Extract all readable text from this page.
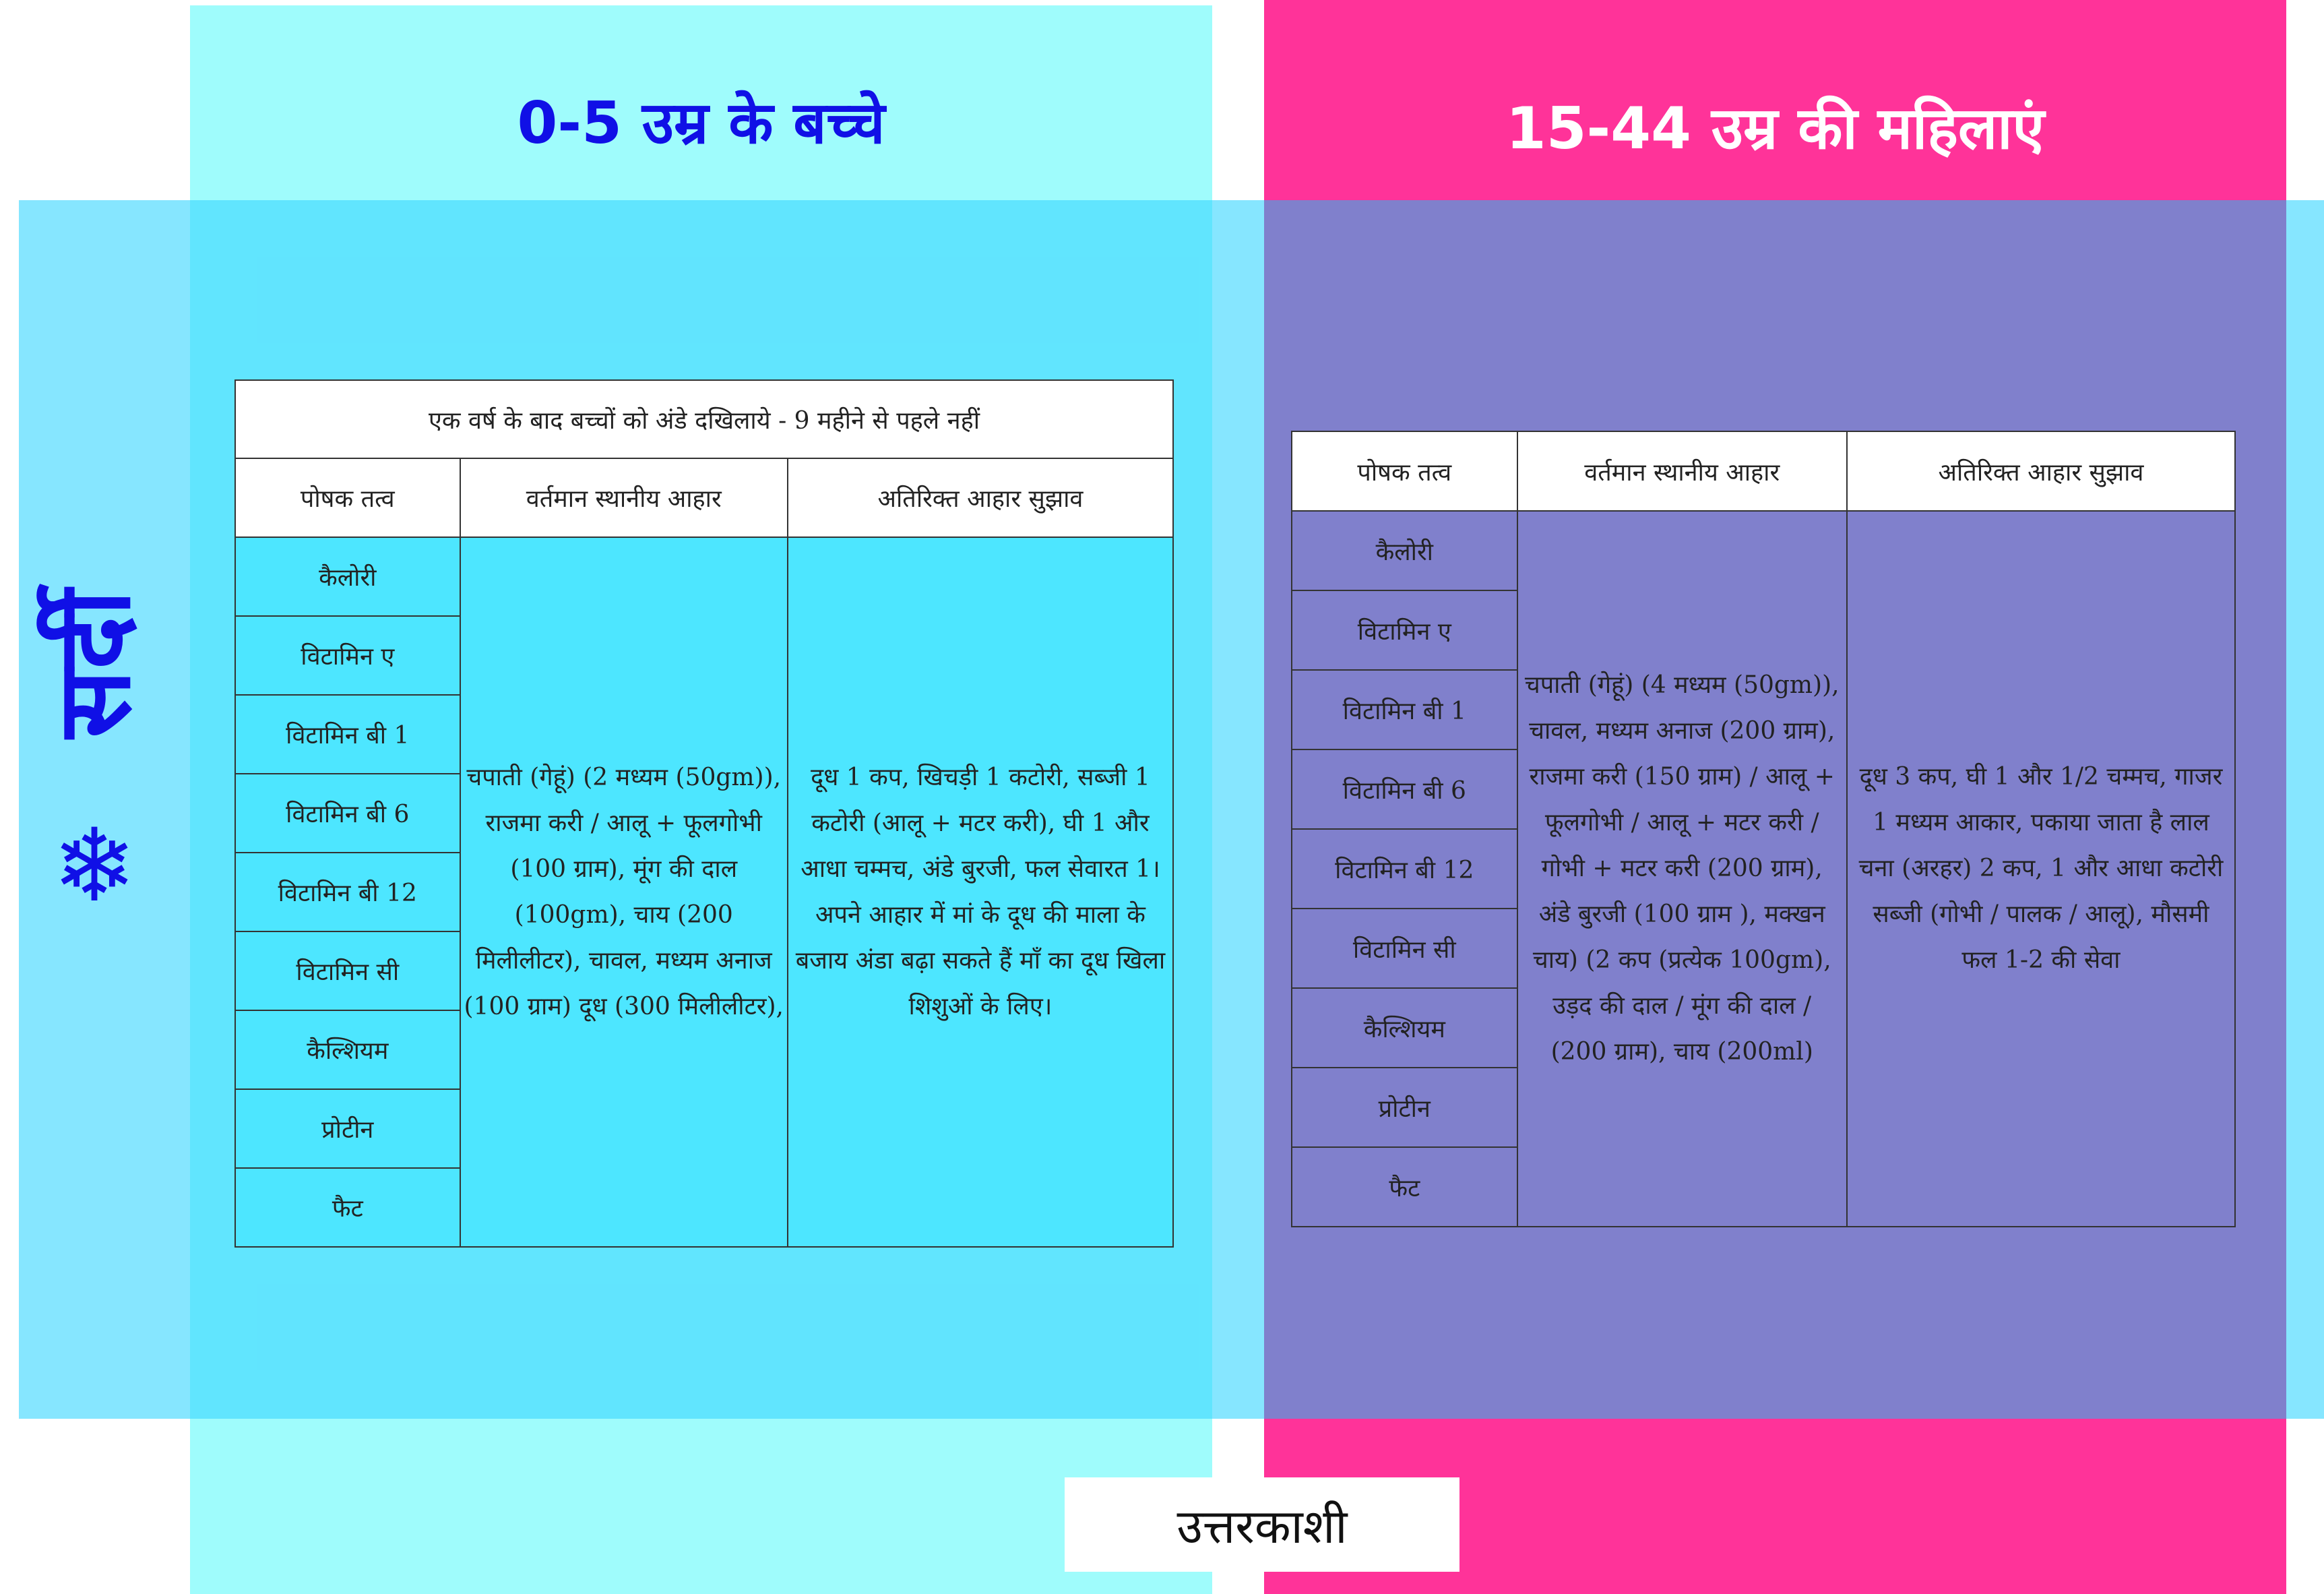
0-5 उम्र के बच्चे	15-44 उम्र की महिलाएं
सर्दी
❄
एक वर्ष के बाद बच्चों को अंडे दखिलाये - 9 महीने से पहले नहीं		
पोषक तत्व	वर्तमान स्थानीय आहार	अतिरिक्त आहार सुझाव
कैलोरी	चपाती (गेहूं) (2 मध्यम (50gm)), राजमा करी / आलू + फूलगोभी (100 ग्राम), मूंग की दाल (100gm), चाय (200 मिलीलीटर), चावल, मध्यम अनाज (100 ग्राम) दूध (300 मिलीलीटर),	दूध 1 कप, खिचड़ी 1 कटोरी, सब्जी 1 कटोरी (आलू + मटर करी), घी 1 और आधा चम्मच, अंडे बुरजी, फल सेवारत 1। अपने आहार में मां के दूध की माला के बजाय अंडा बढ़ा सकते हैं माँ का दूध खिला शिशुओं के लिए।
विटामिन ए		
विटामिन बी 1		
विटामिन बी 6		
विटामिन बी 12		
विटामिन सी		
कैल्शियम		
प्रोटीन		
फैट		
पोषक तत्व	वर्तमान स्थानीय आहार	अतिरिक्त आहार सुझाव
कैलोरी	चपाती (गेहूं) (4 मध्यम (50gm)), चावल, मध्यम अनाज (200 ग्राम), राजमा करी (150 ग्राम) / आलू + फूलगोभी / आलू + मटर करी / गोभी + मटर करी (200 ग्राम), अंडे बुरजी (100 ग्राम ), मक्खन चाय) (2 कप (प्रत्येक 100gm), उड़द की दाल / मूंग की दाल / (200 ग्राम), चाय (200ml)	दूध 3 कप, घी 1 और 1/2 चम्मच, गाजर 1 मध्यम आकार, पकाया जाता है लाल चना (अरहर) 2 कप, 1 और आधा कटोरी सब्जी (गोभी / पालक / आलू), मौसमी फल 1-2 की सेवा
विटामिन ए		
विटामिन बी 1		
विटामिन बी 6		
विटामिन बी 12		
विटामिन सी		
कैल्शियम		
प्रोटीन		
फैट		
उत्तरकाशी
